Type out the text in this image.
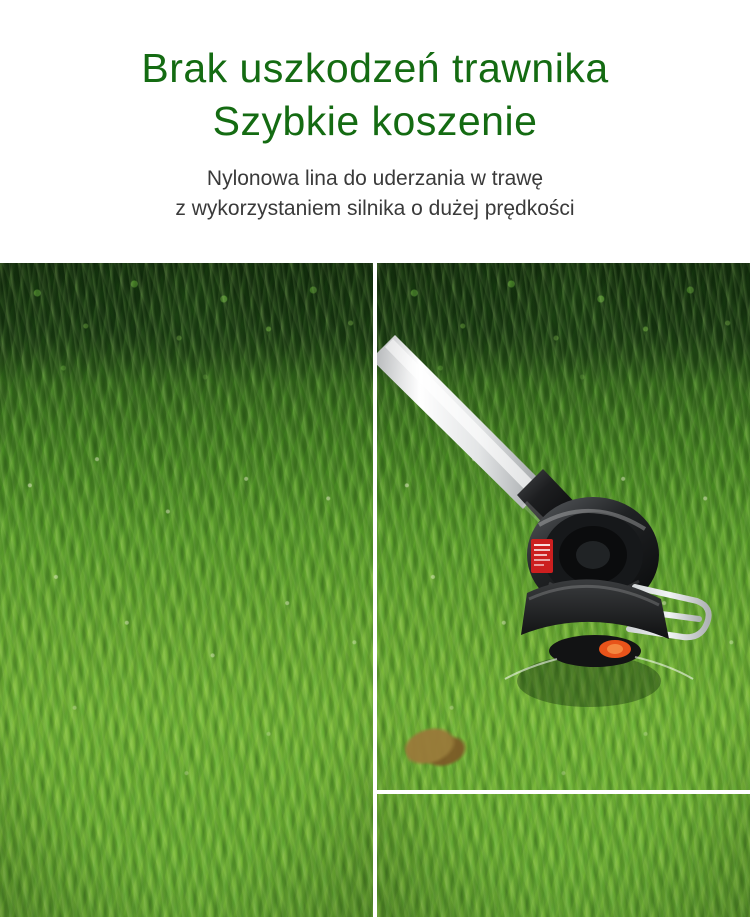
Brak uszkodzeń trawnika
Szybkie koszenie
Nylonowa lina do uderzania w trawę
z wykorzystaniem silnika o dużej prędkości
